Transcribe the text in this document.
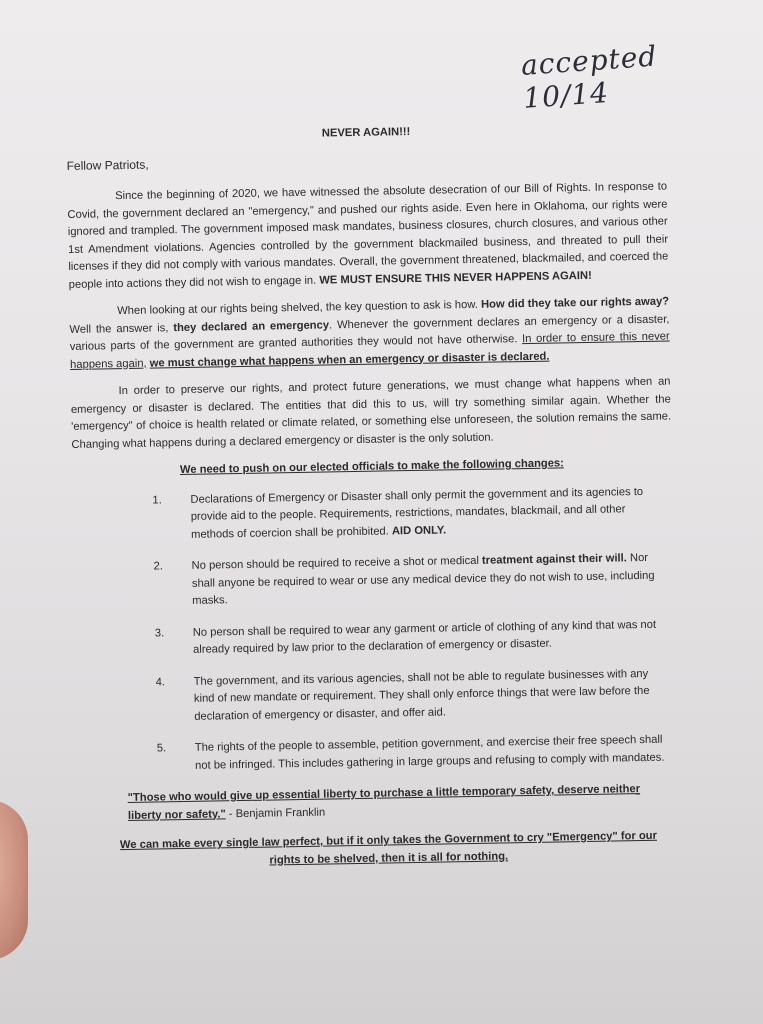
accepted 10/14
NEVER AGAIN!!!
Fellow Patriots,

Since the beginning of 2020, we have witnessed the absolute desecration of our Bill of Rights. In response to Covid, the government declared an "emergency," and pushed our rights aside. Even here in Oklahoma, our rights were ignored and trampled. The government imposed mask mandates, business closures, church closures, and various other 1st Amendment violations. Agencies controlled by the government blackmailed business, and threated to pull their licenses if they did not comply with various mandates. Overall, the government threatened, blackmailed, and coerced the people into actions they did not wish to engage in. WE MUST ENSURE THIS NEVER HAPPENS AGAIN!

When looking at our rights being shelved, the key question to ask is how. How did they take our rights away? Well the answer is, they declared an emergency. Whenever the government declares an emergency or a disaster, various parts of the government are granted authorities they would not have otherwise. In order to ensure this never happens again, we must change what happens when an emergency or disaster is declared.

In order to preserve our rights, and protect future generations, we must change what happens when an emergency or disaster is declared. The entities that did this to us, will try something similar again. Whether the 'emergency" of choice is health related or climate related, or something else unforeseen, the solution remains the same. Changing what happens during a declared emergency or disaster is the only solution.

We need to push on our elected officials to make the following changes:
1.	Declarations of Emergency or Disaster shall only permit the government and its agencies to provide aid to the people. Requirements, restrictions, mandates, blackmail, and all other methods of coercion shall be prohibited. AID ONLY.
2.	No person should be required to receive a shot or medical treatment against their will. Nor shall anyone be required to wear or use any medical device they do not wish to use, including masks.
3.	No person shall be required to wear any garment or article of clothing of any kind that was not already required by law prior to the declaration of emergency or disaster.
4.	The government, and its various agencies, shall not be able to regulate businesses with any kind of new mandate or requirement. They shall only enforce things that were law before the declaration of emergency or disaster, and offer aid.
5.	The rights of the people to assemble, petition government, and exercise their free speech shall not be infringed. This includes gathering in large groups and refusing to comply with mandates.
"Those who would give up essential liberty to purchase a little temporary safety, deserve neither liberty nor safety." - Benjamin Franklin
We can make every single law perfect, but if it only takes the Government to cry "Emergency" for our rights to be shelved, then it is all for nothing.
